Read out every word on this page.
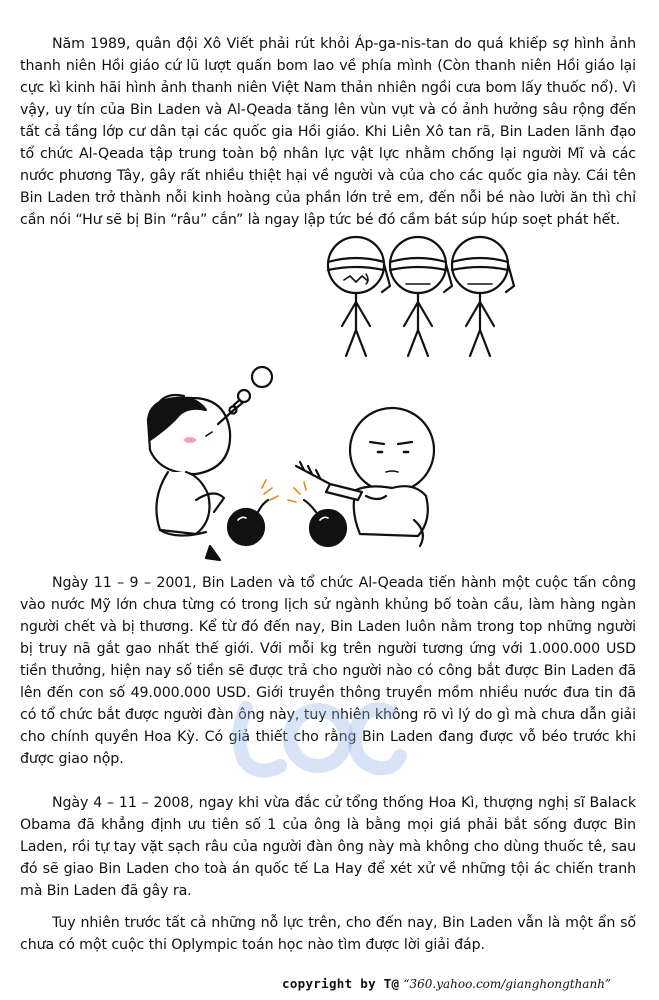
Năm 1989, quân đội Xô Viết phải rút khỏi Áp-ga-nis-tan do quá khiếp sợ hình ảnh thanh niên Hồi giáo cứ lũ lượt quấn bom lao về phía mình (Còn thanh niên Hồi giáo lại cực kì kinh hãi hình ảnh thanh niên Việt Nam thản nhiên ngồi cưa bom lấy thuốc nổ). Vì vậy, uy tín của Bin Laden và Al-Qeada tăng lên vùn vụt và có ảnh hưởng sâu rộng đến tất cả tầng lớp cư dân tại các quốc gia Hồi giáo. Khi Liên Xô tan rã, Bin Laden lãnh đạo tổ chức Al-Qeada tập trung toàn bộ nhân lực vật lực nhằm chống lại người Mĩ và các nước phương Tây, gây rất nhiều thiệt hại về người và của cho các quốc gia này. Cái tên Bin Laden trở thành nỗi kinh hoàng của phần lớn trẻ em, đến nỗi bé nào lười ăn thì chỉ cần nói “Hư sẽ bị Bin “râu” cắn” là ngay lập tức bé đó cầm bát súp húp soẹt phát hết.

Ngày 11 – 9 – 2001, Bin Laden và tổ chức Al-Qeada tiến hành một cuộc tấn công vào nước Mỹ lớn chưa từng có trong lịch sử ngành khủng bố toàn cầu, làm hàng ngàn người chết và bị thương. Kể từ đó đến nay, Bin Laden luôn nằm trong top những người bị truy nã gắt gao nhất thế giới. Với mỗi kg trên người tương ứng với 1.000.000 USD tiền thưởng, hiện nay số tiền sẽ được trả cho người nào có công bắt được Bin Laden đã lên đến con số 49.000.000 USD. Giới truyền thông truyền mồm nhiều nước đưa tin đã có tổ chức bắt được người đàn ông này, tuy nhiên không rõ vì lý do gì mà chưa dẫn giải cho chính quyền Hoa Kỳ. Có giả thiết cho rằng Bin Laden đang được vỗ béo trước khi được giao nộp.

Ngày 4 – 11 – 2008, ngay khi vừa đắc cử tổng thống Hoa Kì, thượng nghị sĩ Balack Obama đã khẳng định ưu tiên số 1 của ông là bằng mọi giá phải bắt sống được Bin Laden, rồi tự tay vặt sạch râu của người đàn ông này mà không cho dùng thuốc tê, sau đó sẽ giao Bin Laden cho toà án quốc tế La Hay để xét xử về những tội ác chiến tranh mà Bin Laden đã gây ra.

Tuy nhiên trước tất cả những nỗ lực trên, cho đến nay, Bin Laden vẫn là một ẩn số chưa có một cuộc thi Oplympic toán học nào tìm được lời giải đáp.

copyright by T@ “360.yahoo.com/gianghongthanh”
